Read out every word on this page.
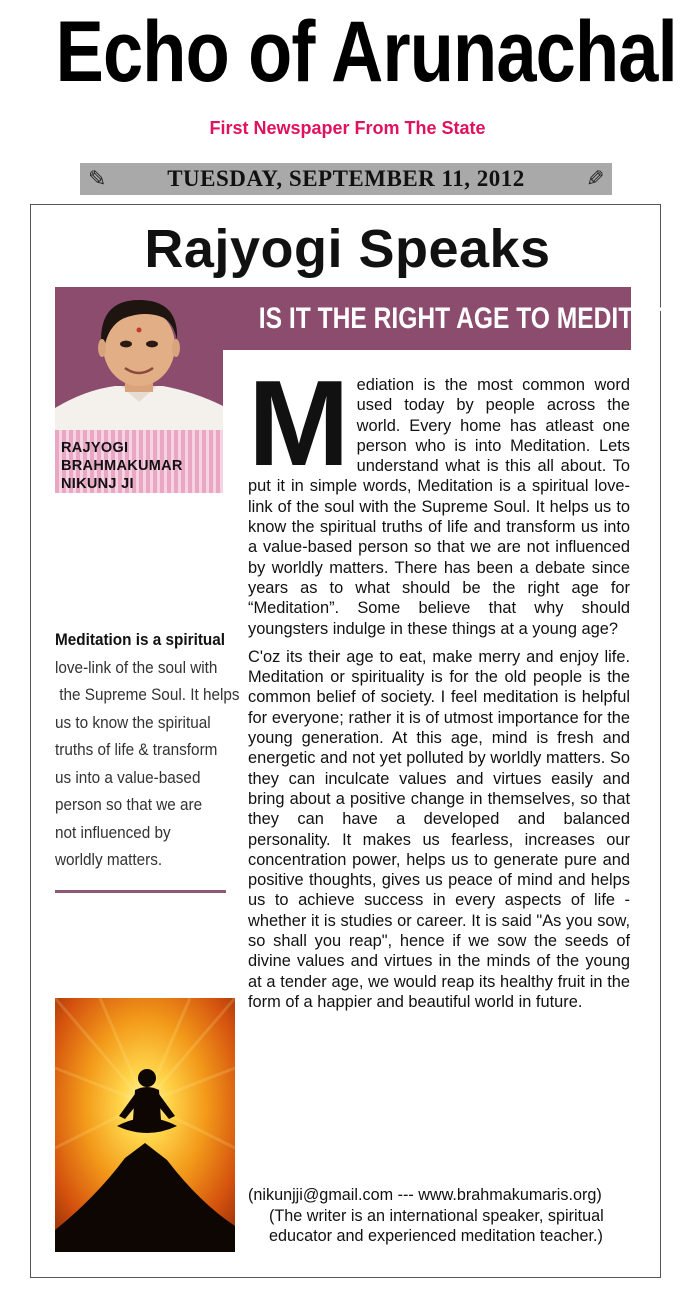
Echo of Arunachal
First Newspaper From The State
✎	TUESDAY, SEPTEMBER 11, 2012	✎
Rajyogi Speaks
IS IT THE RIGHT AGE TO MEDITATE?
RAJYOGI
BRAHMAKUMAR
NIKUNJ JI
Meditation is a spiritual
love-link of the soul with
the Supreme Soul. It helps
us to know the spiritual
truths of life & transform
us into a value-based
person so that we are
not influenced by
worldly matters.
M ediation is the most common word used today by people across the world. Every home has atleast one person who is into Meditation. Lets understand what is this all about. To put it in simple words, Meditation is a spiritual love-link of the soul with the Supreme Soul. It helps us to know the spiritual truths of life and transform us into a value-based person so that we are not influenced by worldly matters. There has been a debate since years as to what should be the right age for “Meditation”. Some believe that why should youngsters indulge in these things at a young age?

C'oz its their age to eat, make merry and enjoy life. Meditation or spirituality is for the old people is the common belief of society. I feel meditation is helpful for everyone; rather it is of utmost importance for the young generation. At this age, mind is fresh and energetic and not yet polluted by worldly matters. So they can inculcate values and virtues easily and bring about a positive change in themselves, so that they can have a developed and balanced personality. It makes us fearless, increases our concentration power, helps us to generate pure and positive thoughts, gives us peace of mind and helps us to achieve success in every aspects of life - whether it is studies or career. It is said "As you sow, so shall you reap", hence if we sow the seeds of divine values and virtues in the minds of the young at a tender age, we would reap its healthy fruit in the form of a happier and beautiful world in future.

(nikunjji@gmail.com --- www.brahmakumaris.org)
(The writer is an international speaker, spiritual
educator and experienced meditation teacher.)
